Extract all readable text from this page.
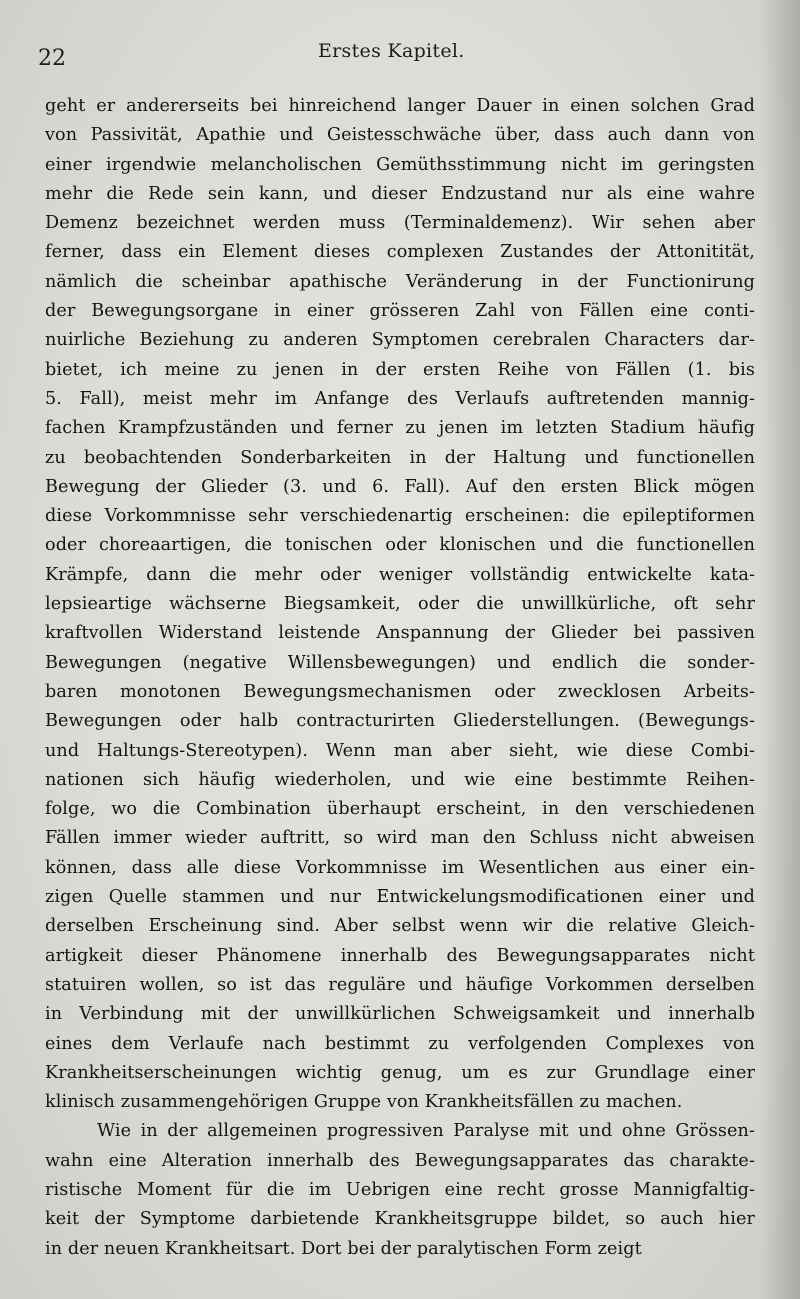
22	Erstes Kapitel.
geht er andererseits bei hinreichend langer Dauer in einen solchen Grad
von Passivität, Apathie und Geistesschwäche über, dass auch dann von
einer irgendwie melancholischen Gemüthsstimmung nicht im geringsten
mehr die Rede sein kann, und dieser Endzustand nur als eine wahre
Demenz bezeichnet werden muss (Terminaldemenz). Wir sehen aber
ferner, dass ein Element dieses complexen Zustandes der Attonitität,
nämlich die scheinbar apathische Veränderung in der Functionirung
der Bewegungsorgane in einer grösseren Zahl von Fällen eine conti-
nuirliche Beziehung zu anderen Symptomen cerebralen Characters dar-
bietet, ich meine zu jenen in der ersten Reihe von Fällen (1. bis
5. Fall), meist mehr im Anfange des Verlaufs auftretenden mannig-
fachen Krampfzuständen und ferner zu jenen im letzten Stadium häufig
zu beobachtenden Sonderbarkeiten in der Haltung und functionellen
Bewegung der Glieder (3. und 6. Fall). Auf den ersten Blick mögen
diese Vorkommnisse sehr verschiedenartig erscheinen: die epileptiformen
oder choreaartigen, die tonischen oder klonischen und die functionellen
Krämpfe, dann die mehr oder weniger vollständig entwickelte kata-
lepsieartige wächserne Biegsamkeit, oder die unwillkürliche, oft sehr
kraftvollen Widerstand leistende Anspannung der Glieder bei passiven
Bewegungen (negative Willensbewegungen) und endlich die sonder-
baren monotonen Bewegungsmechanismen oder zwecklosen Arbeits-
Bewegungen oder halb contracturirten Gliederstellungen. (Bewegungs-
und Haltungs-Stereotypen). Wenn man aber sieht, wie diese Combi-
nationen sich häufig wiederholen, und wie eine bestimmte Reihen-
folge, wo die Combination überhaupt erscheint, in den verschiedenen
Fällen immer wieder auftritt, so wird man den Schluss nicht abweisen
können, dass alle diese Vorkommnisse im Wesentlichen aus einer ein-
zigen Quelle stammen und nur Entwickelungsmodificationen einer und
derselben Erscheinung sind. Aber selbst wenn wir die relative Gleich-
artigkeit dieser Phänomene innerhalb des Bewegungsapparates nicht
statuiren wollen, so ist das reguläre und häufige Vorkommen derselben
in Verbindung mit der unwillkürlichen Schweigsamkeit und innerhalb
eines dem Verlaufe nach bestimmt zu verfolgenden Complexes von
Krankheitserscheinungen wichtig genug, um es zur Grundlage einer
klinisch zusammengehörigen Gruppe von Krankheitsfällen zu machen.
Wie in der allgemeinen progressiven Paralyse mit und ohne Grössen-
wahn eine Alteration innerhalb des Bewegungsapparates das charakte-
ristische Moment für die im Uebrigen eine recht grosse Mannigfaltig-
keit der Symptome darbietende Krankheitsgruppe bildet, so auch hier
in der neuen Krankheitsart. Dort bei der paralytischen Form zeigt
